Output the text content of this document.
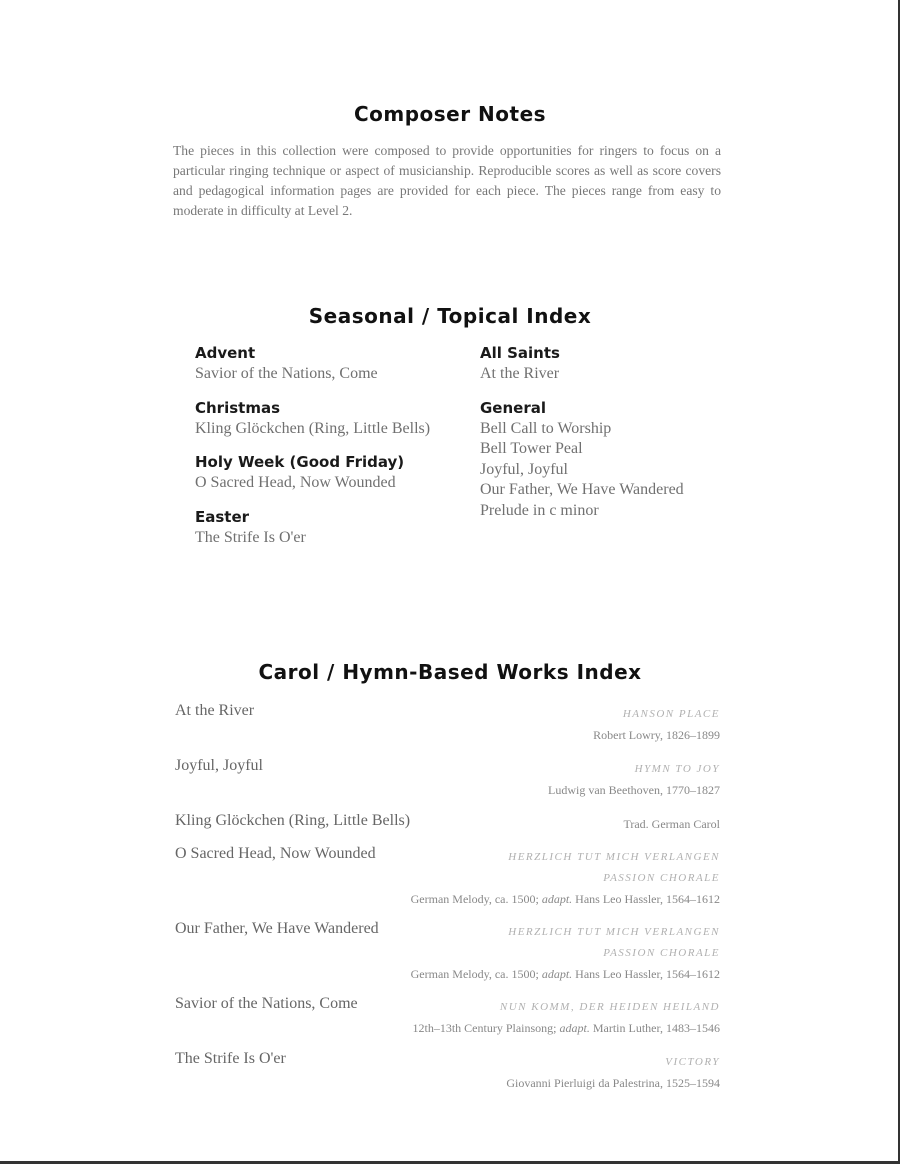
Composer Notes
The pieces in this collection were composed to provide opportunities for ringers to focus on a particular ringing technique or aspect of musicianship. Reproducible scores as well as score covers and pedagogical information pages are provided for each piece. The pieces range from easy to moderate in difficulty at Level 2.
Seasonal / Topical Index
Advent
Savior of the Nations, Come
Christmas
Kling Glöckchen (Ring, Little Bells)
Holy Week (Good Friday)
O Sacred Head, Now Wounded
Easter
The Strife Is O'er
All Saints
At the River
General
Bell Call to Worship
Bell Tower Peal
Joyful, Joyful
Our Father, We Have Wandered
Prelude in c minor
Carol / Hymn-Based Works Index
At the River	HANSON PLACE
Robert Lowry, 1826–1899
Joyful, Joyful	HYMN TO JOY
Ludwig van Beethoven, 1770–1827
Kling Glöckchen (Ring, Little Bells)	Trad. German Carol
O Sacred Head, Now Wounded	HERZLICH TUT MICH VERLANGEN
PASSION CHORALE
German Melody, ca. 1500; adapt. Hans Leo Hassler, 1564–1612
Our Father, We Have Wandered	HERZLICH TUT MICH VERLANGEN
PASSION CHORALE
German Melody, ca. 1500; adapt. Hans Leo Hassler, 1564–1612
Savior of the Nations, Come	NUN KOMM, DER HEIDEN HEILAND
12th–13th Century Plainsong; adapt. Martin Luther, 1483–1546
The Strife Is O'er	VICTORY
Giovanni Pierluigi da Palestrina, 1525–1594
